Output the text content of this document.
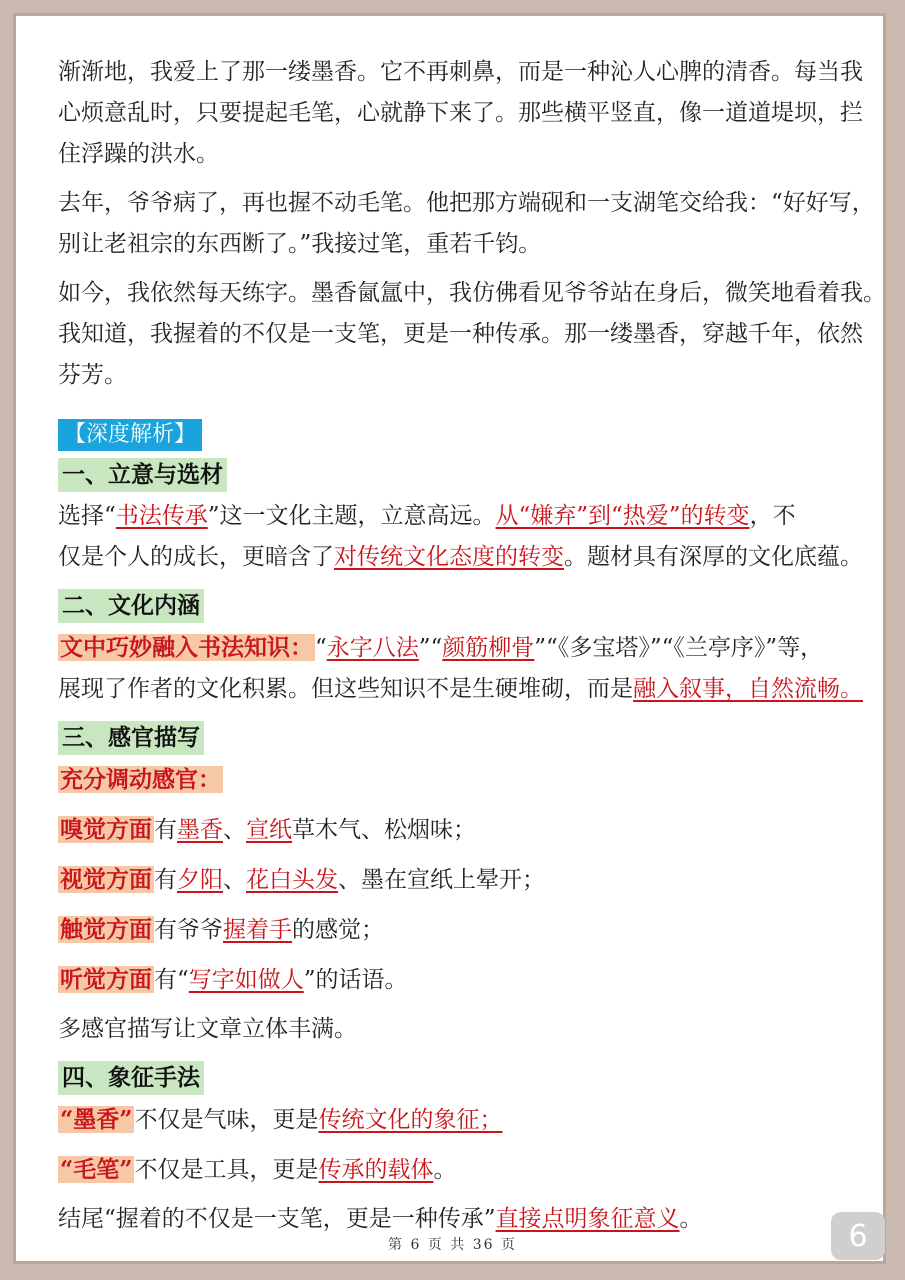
渐渐地，我爱上了那一缕墨香。它不再刺鼻，而是一种沁人心脾的清香。每当我
心烦意乱时，只要提起毛笔，心就静下来了。那些横平竖直，像一道道堤坝，拦
住浮躁的洪水。

去年，爷爷病了，再也握不动毛笔。他把那方端砚和一支湖笔交给我：“好好写，
别让老祖宗的东西断了。”我接过笔，重若千钧。

如今，我依然每天练字。墨香氤氲中，我仿佛看见爷爷站在身后，微笑地看着我。
我知道，我握着的不仅是一支笔，更是一种传承。那一缕墨香，穿越千年，依然
芬芳。

【深度解析】
一、立意与选材

选择“书法传承”这一文化主题，立意高远。从“嫌弃”到“热爱”的转变，不
仅是个人的成长，更暗含了对传统文化态度的转变。题材具有深厚的文化底蕴。

二、文化内涵

文中巧妙融入书法知识：“永字八法”“颜筋柳骨”“《多宝塔》”“《兰亭序》”等，
展现了作者的文化积累。但这些知识不是生硬堆砌，而是融入叙事，自然流畅。

三、感官描写

充分调动感官：

嗅觉方面有墨香、宣纸草木气、松烟味；

视觉方面有夕阳、花白头发、墨在宣纸上晕开；

触觉方面有爷爷握着手的感觉；

听觉方面有“写字如做人”的话语。

多感官描写让文章立体丰满。

四、象征手法

“墨香”不仅是气味，更是传统文化的象征；

“毛笔”不仅是工具，更是传承的载体。

结尾“握着的不仅是一支笔，更是一种传承”直接点明象征意义。

第 6 页 共 36 页	6
